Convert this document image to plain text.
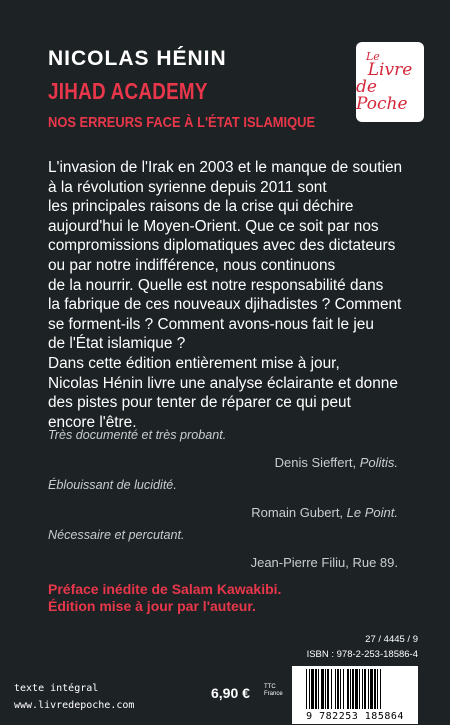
NICOLAS HÉNIN
JIHAD ACADEMY
NOS ERREURS FACE À L'ÉTAT ISLAMIQUE
Le
Livre
de Poche

L'invasion de l'Irak en 2003 et le manque de soutien

à la révolution syrienne depuis 2011 sont

les principales raisons de la crise qui déchire

aujourd'hui le Moyen-Orient. Que ce soit par nos

compromissions diplomatiques avec des dictateurs

ou par notre indifférence, nous continuons

de la nourrir. Quelle est notre responsabilité dans

la fabrique de ces nouveaux djihadistes ? Comment

se forment-ils ? Comment avons-nous fait le jeu

de l'État islamique ?

Dans cette édition entièrement mise à jour,

Nicolas Hénin livre une analyse éclairante et donne

des pistes pour tenter de réparer ce qui peut

encore l'être.

Très documenté et très probant.
Denis Sieffert, Politis.
Éblouissant de lucidité.
Romain Gubert, Le Point.
Nécessaire et percutant.
Jean-Pierre Filiu, Rue 89.
Préface inédite de Salam Kawakibi.
Édition mise à jour par l'auteur.
27 / 4445 / 9
ISBN : 978-2-253-18586-4
9 782253 185864
texte intégral
www.livredepoche.com
6,90 € TTC
France
